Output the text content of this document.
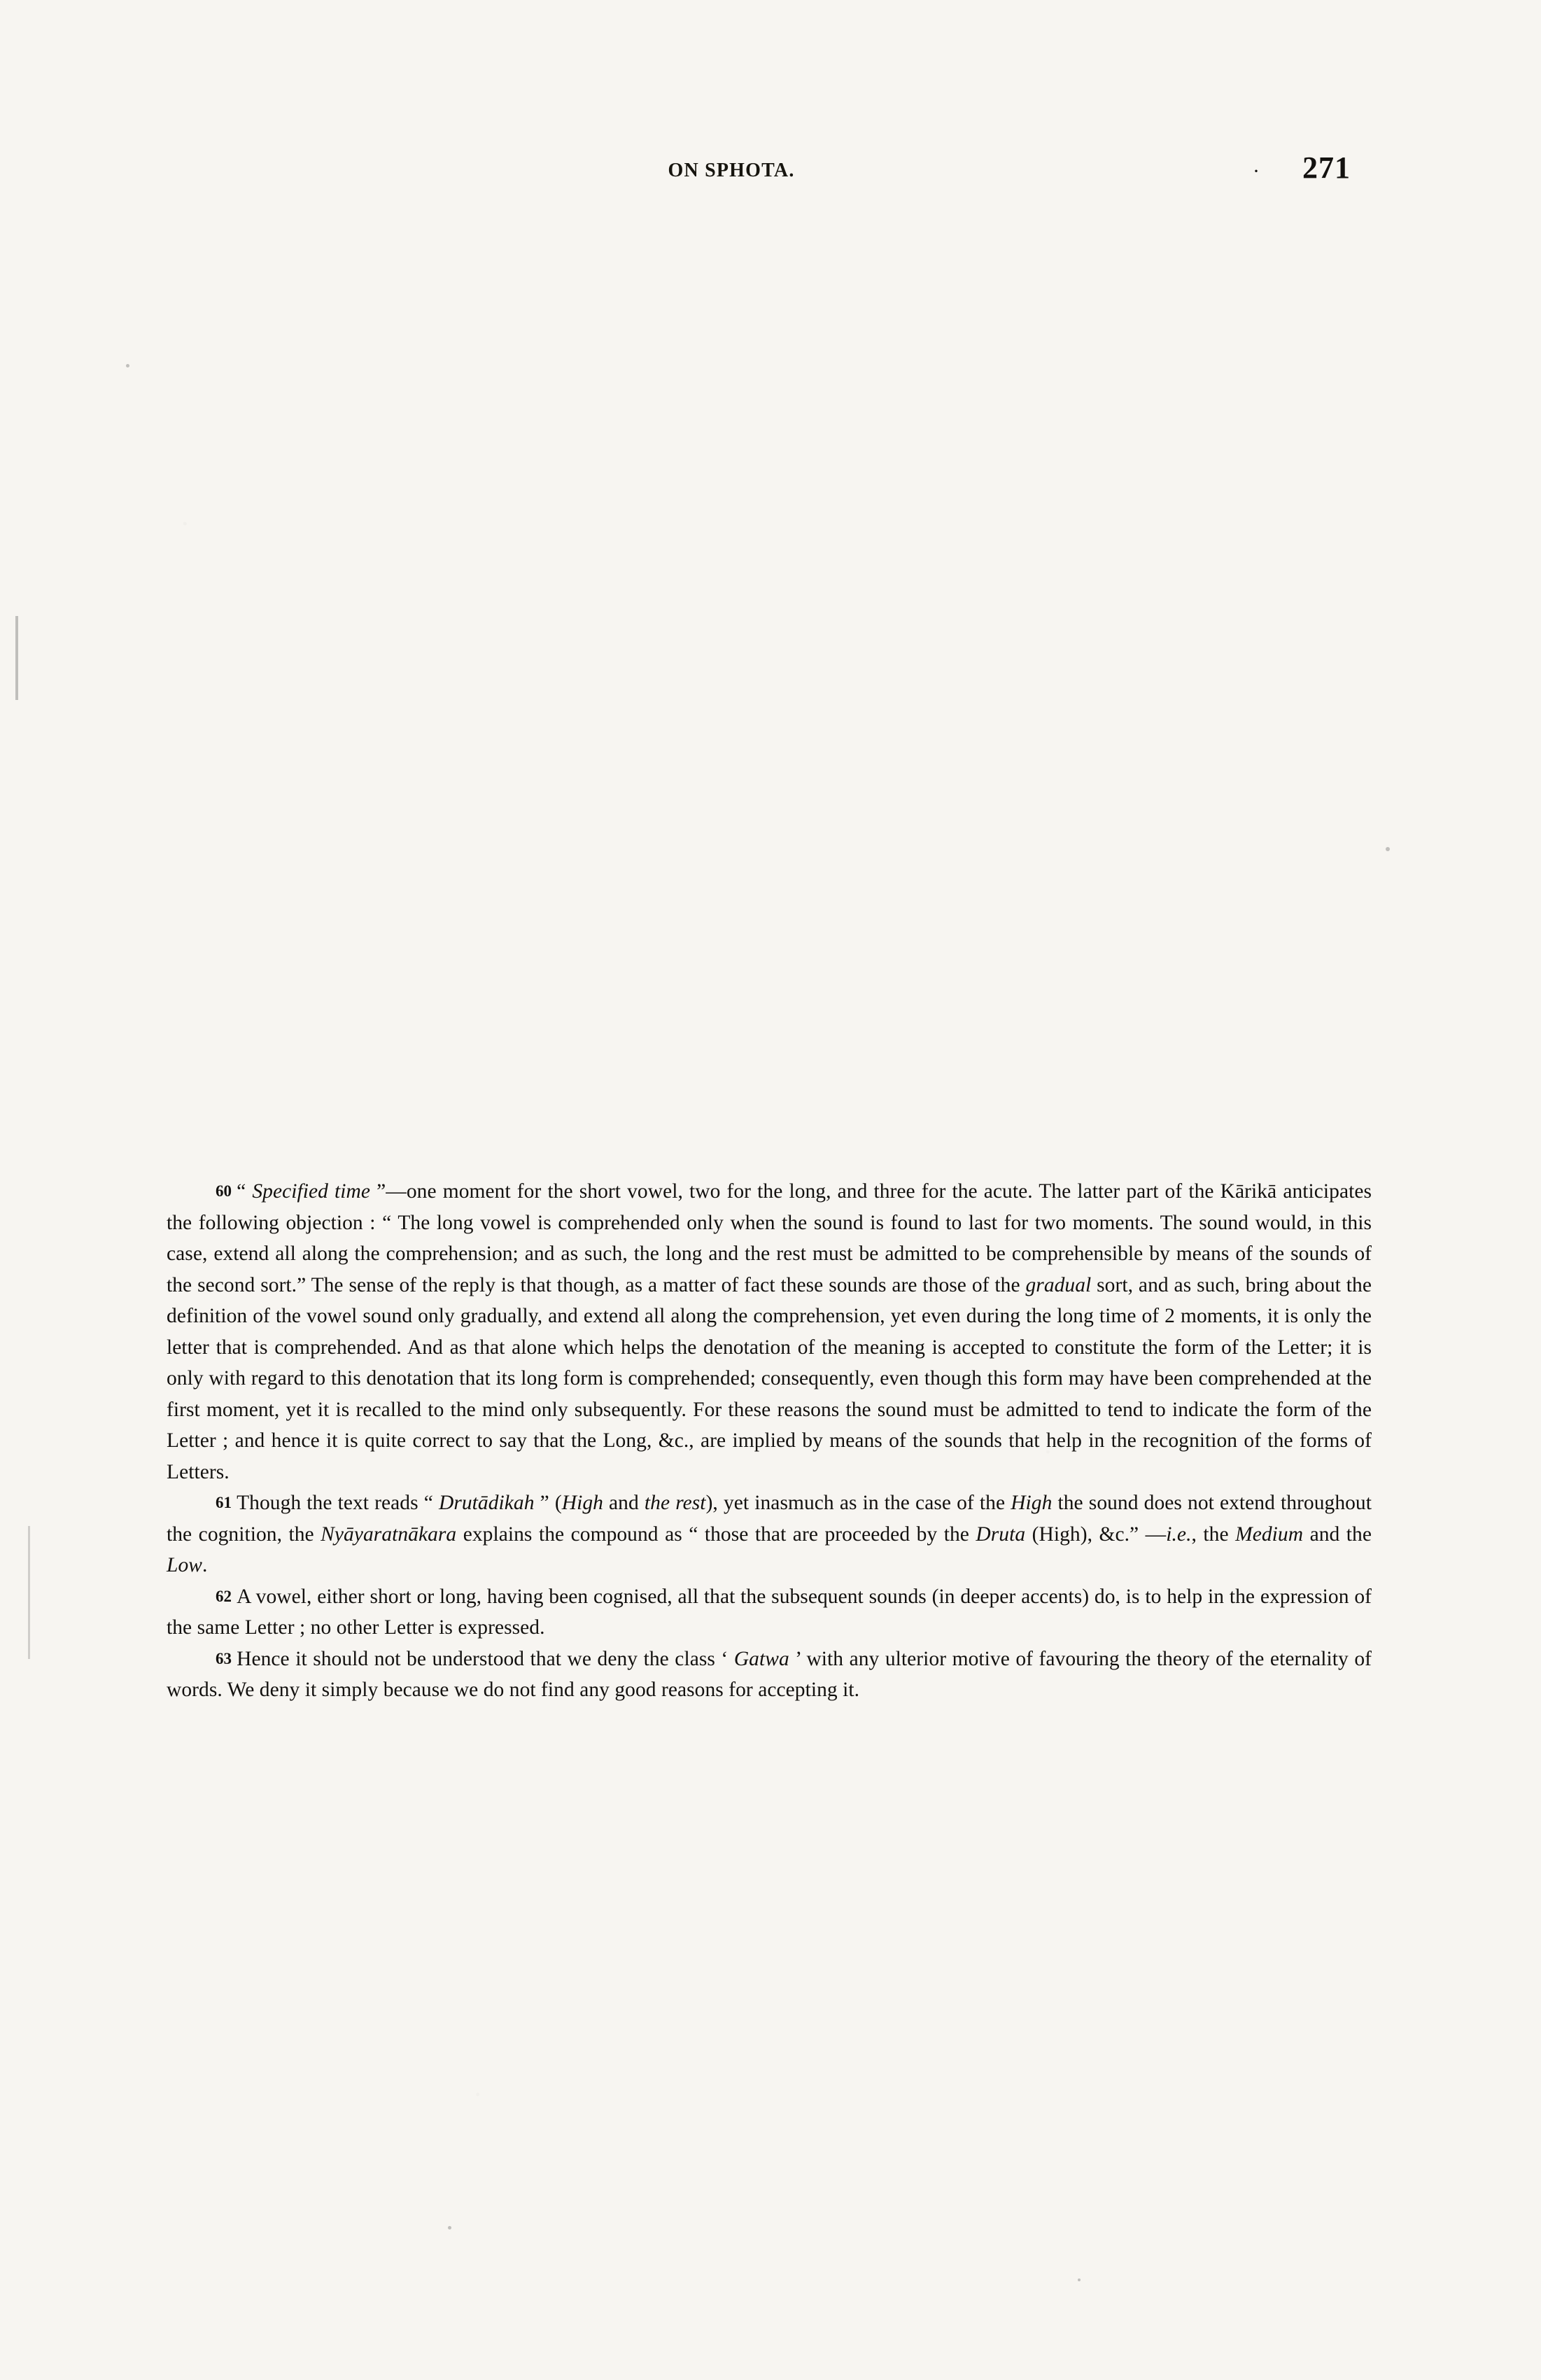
ON SPHOTA.	· 271

60 “ Specified time ”—one moment for the short vowel, two for the long, and three for the acute. The latter part of the Kārikā anticipates the following objection : “ The long vowel is comprehended only when the sound is found to last for two moments. The sound would, in this case, extend all along the comprehension; and as such, the long and the rest must be admitted to be comprehensible by means of the sounds of the second sort.” The sense of the reply is that though, as a matter of fact these sounds are those of the gradual sort, and as such, bring about the definition of the vowel sound only gradually, and extend all along the comprehension, yet even during the long time of 2 moments, it is only the letter that is comprehended. And as that alone which helps the denotation of the meaning is accepted to constitute the form of the Letter; it is only with regard to this denotation that its long form is comprehended; consequently, even though this form may have been comprehended at the first moment, yet it is recalled to the mind only subsequently. For these reasons the sound must be admitted to tend to indicate the form of the Letter ; and hence it is quite correct to say that the Long, &c., are implied by means of the sounds that help in the recognition of the forms of Letters.

61 Though the text reads “ Drutādikah ” (High and the rest), yet inasmuch as in the case of the High the sound does not extend throughout the cognition, the Nyāyaratnākara explains the compound as “ those that are proceeded by the Druta (High), &c.” —i.e., the Medium and the Low.

62 A vowel, either short or long, having been cognised, all that the subsequent sounds (in deeper accents) do, is to help in the expression of the same Letter ; no other Letter is expressed.

63 Hence it should not be understood that we deny the class ‘ Gatwa ’ with any ulterior motive of favouring the theory of the eternality of words. We deny it simply because we do not find any good reasons for accepting it.
